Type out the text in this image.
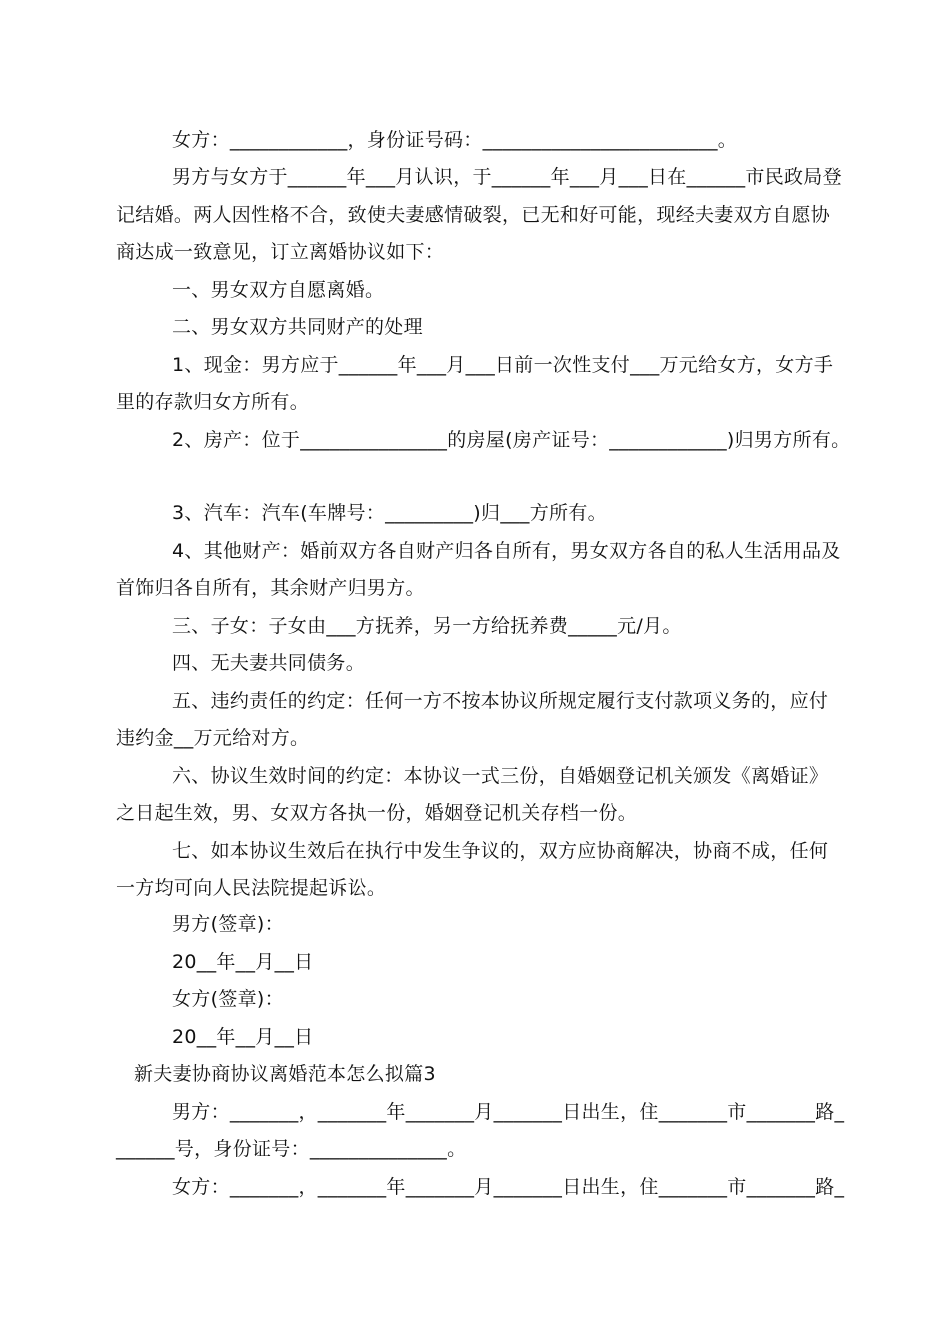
女方：____________，身份证号码：________________________。
男方与女方于______年___月认识，于______年___月___日在______市民政局登
记结婚。两人因性格不合，致使夫妻感情破裂，已无和好可能，现经夫妻双方自愿协
商达成一致意见，订立离婚协议如下：
一、男女双方自愿离婚。
二、男女双方共同财产的处理
1、现金：男方应于______年___月___日前一次性支付___万元给女方，女方手
里的存款归女方所有。
2、房产：位于_______________的房屋(房产证号：____________)归男方所有。
3、汽车：汽车(车牌号：_________)归___方所有。
4、其他财产：婚前双方各自财产归各自所有，男女双方各自的私人生活用品及
首饰归各自所有，其余财产归男方。
三、子女：子女由___方抚养，另一方给抚养费_____元/月。
四、无夫妻共同债务。
五、违约责任的约定：任何一方不按本协议所规定履行支付款项义务的，应付
违约金__万元给对方。
六、协议生效时间的约定：本协议一式三份，自婚姻登记机关颁发《离婚证》
之日起生效，男、女双方各执一份，婚姻登记机关存档一份。
七、如本协议生效后在执行中发生争议的，双方应协商解决，协商不成，任何
一方均可向人民法院提起诉讼。
男方(签章)：
20__年__月__日
女方(签章)：
20__年__月__日
新夫妻协商协议离婚范本怎么拟篇3
男方：_______，_______年_______月_______日出生，住_______市_______路_
______号，身份证号：______________。
女方：_______，_______年_______月_______日出生，住_______市_______路_
